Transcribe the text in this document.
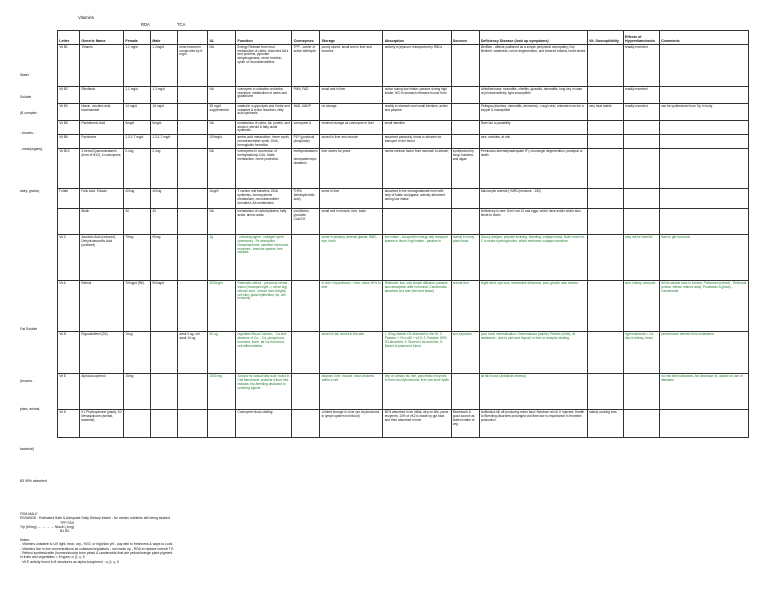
Vitamins
RDA	TCA
Water
Soluble
(B complex
- browns -
- meat(organs),
dairy, grains)
Fat Soluble
(browns -
plant, animal,
bacterial)
B3 95% absorbed
Letter	Generic Name	Female	Male		UL	Function	Coenzymes	Storage	Absorption	Sources	Deficiency Disease (look up symptoms)	Vit. Susceptibility	Effects of Hypervitaminosis	Comments
Vit B1	Thiamin	1.1 mg/d	1.2mg/d	must exceed in uncalc.slim by 8 mg/d	NA	Energy Release from food, metabolism of carbs, branched AA's and proteins, pyruvate dehydrogenase, nerve function, synth of neurotransmitters	TPP - carrier of active aldehyde	poorly stored, small amt in liver and muscles	actively in jejunum, transported by RBCs		BeriBeri - affects published as a simple peripheral neuropathy; Dry Beriberi: weakness, nerve degeneration, and lowered edema, heart stroke		readily excreted	
Vit B2	Riboflavin	1.1 mg/d	1.3 mg/d		NA	coenzyme in oxidation-reduction reactions, metabolism of carbs and glutathione	FMN, FAD	small amt in liver	active during low intake; passive during high intake; HCl in stomach releases bound form		Ariboflavinosis: stomatitis, cheilitis, glossitis, dermatitis, lung key in case of photosensitivity; light susceptible		readily excreted	
Vit B3	Niacin, nicotinic acid, nicotinamide	14 mg/d	16 mg/d		35 mg/d supplemental	catabolic in glycolysis and Krebs and oxidative & redox reactions, fatty acid synthesis	NAD, NADP	no storage	readily in stomach and small intestine; active and passive		Pellagra (diarrhea, dermatitis, dementia) - rough skin; untreated can be a cripple & susceptible	very heat stable	readily excreted	can be synthesized from Trp in body
Vit B5	Pantothenic Acid	5mg/d	5mg/d		NA	metabolism of carbs, fat, protein, and alcohol; steroid & fatty acids synthesis	coenzyme A	minimal storage as coenzyme in liver	small intestine		Rare but a possibility			
Vit B6	Pyridoxine	1.3-1.7 mg/d	1.3-1.7 mg/d		100mg/d	amino-acid metabolism, heme synth, neurotransmitter synth, DNA, hemoglobin formation	PLP (pyridoxal phosphate)	stored in liver and muscle	absorbed passively, binds to albumin for transport in the blood		rare, wrinkles, at risk			
Vit B12	3 forms/Cyanocobalamin (form of B12), 4 coenzymes	2.4ug	2.4ug		NA	coenzymes in conversion of methylmalonyl-CoA, folate metabolism, nerve protection	methylcobalamin, deoxyadenosylcobalamin	liver stores for years	needs intrinsic factor from stomach to absorb	synthesized by fungi, bacteria, and algae	Pernicious anemia(inadequate IF), neurologic degeneration, paralysis or death			
Folate	Folic Acid, Folacin	400ug	400ug		1mg/d	T carbon unit transfers, DNA synthesis, homocysteine metabolism, neurotransmitter formation, AA metabolism	THFA (tetrahydrofolic acid)	some in liver	absorbed in the monoglutamate form with help of folate conjugase; actively absorbed during low intake		Macrocytic anemia (+MRC/pressure - 150)			
	Biotin	30	30		NA	metabolism of carbohydrates, fatty acids, amino acids	(nvd)biotin, pyruvate, CoA/CH	small amt in muscle, liver, brain			Deficiency is rare; Don't eat 12 raw eggs; which have avidin which also binds to biotin			
Vit C	Ascorbic Acid (reduced), Dehydroascorbic Acid (oxidized)	75mg	90mg		2g	- reducing agent - collagen synth (mannose) - Fe absorption - Norepinephrine: carnitine hormones, enzymes - immune system, free radicals		some in pituitary, adrenal glands, WBC, eye, brain	low intake - via specific energy dep transport system in ileum; high intake - passive in	mainly in many plant foods	Scurvy (fatigue, pinpoint bruising, bleeding, collagen loss); Note: need vit C to make hydroxyproline, which reinforces collagen structure		may not be harmful	hard to get too much
Vit A	Retinol	700ug/d (RE)	900ug/d		3000ug/d	Retinoids: retinol - precursor retinal - vision (rhodopsin light -> nerve sig) retinoic acid - reduce toxic (bright) cell skin, gland epithelium, ep. cell immunity		in liver: rhyloreticons = liver; about 90% in liver	Retinoids: low, only simple diffusion; passive; also absorption after hormonal; Carotenoids absorbed at a rate (diet and tissue)	animal liver	Night blind, eye loss, irreversible blindness, poor growth, skin lesions		skin, kidney, abd pain	All fat-soluble toxic in excess; Preformed (retinol) - Retinoids (retinol, retinal, retinoic acid); Provitamin A (plant) - Carotenoids
Vit D	Ergocalciferol (D2)	10ug		adult 5 ug, old adult 10 ug	50 ug	regulates Blood Calcium; - Ca and absence of Cu; - Ca, phosphorus hormone, bone, fat Ca from food; cell differentiation		stored in fat; stored in the skin	1. 50ug vitamin D3 absorbed in the SI; 2. Passive: + Pro-vitD + vit D; 3. Passive: 80% D3 absorbed; 4. Stored in fat and liver; 5. Bound to plasma to blood	sun exposure	poor bone mineralization: Osteomalacia (adults); Rickets (child); vit resistance - due to pink and thyroid; in liver or receptor binding		hypercalcemia = Ca dep in kidney, heart	performance derived from cholesterol
Vit E	Alpha-tocopherol	15mg			1000 mg	Actions for casual fatty acid; found in Cell Membrane; protects it from free radicals; trip-bleeding disclosed to oxidizing agents		adipose, liver, muscle; most unstored within a cell	dep on dietary fat, bile, pancreatic enzymes; to form via chylomicrons; liver can store lipids		all fail to use (Antilipide anemia)			no real direct diseases, but decrease vit. uptake on use of diseases
Vit K	K1 Phylloquinone (plant); K2 Menaquinone (animal, bacterial)					Coenzyme blood clotting		Limited storage in Liver (as chylomicrons in lymph system not blood)	80% absorbed in ter initial, dep on bile, pancr enzymes; 10% of vK2 is made by gut bact. and then absorbed in liver	Bluestooth & good source as leafed intake of veg	Antibiotics kill off producing micro bact; Newborn all vit. K injected; Health to Bleeding disorders prolonged clot time due to importance in thrombin production	mainly cooking loss		
FEM-MALE
ESSANDE : Estimated Safe & Adequate Daily Dietary Intake - for certain nutrients still being studied
TPP FAD
Trp (60mg) → → → → Niacin (1mg)
B1 B2
Notes:
- Vitamins unstable to UV light, heat, oxy., H2O, or high/low pH - pay attn to freshness & ways to cook
- Vitamins live in live concentrations as cofactors/regulators - not made up - RDA to replace normal TO
- Retinol synthesizable (human/show)s from yeast & carotenoids that are yellow/orange plant pigment
in fruits and vegetables = 6 types: α, β, γ, δ
- Vit E activity found in 8 structures as alpha-tocopherol : α, β, γ, δ
